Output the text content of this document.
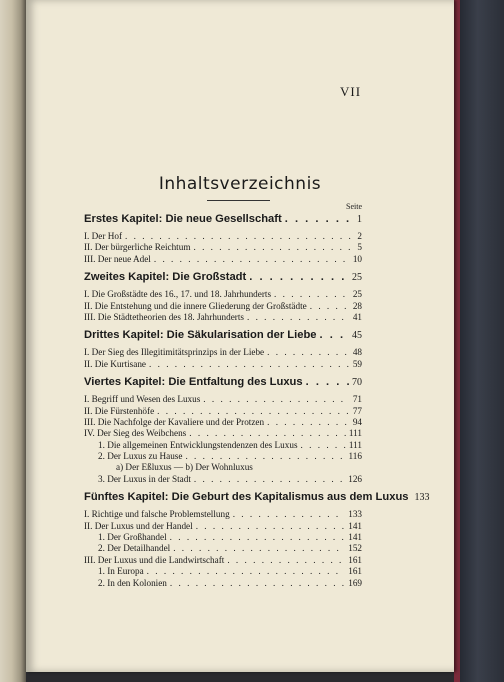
VII
Inhaltsverzeichnis
Seite
Erstes Kapitel: Die neue Gesellschaft . . .	1
I. Der Hof . . .	2
II. Der bürgerliche Reichtum . . .	5
III. Der neue Adel . . .	10
Zweites Kapitel: Die Großstadt . . .	25
I. Die Großstädte des 16., 17. und 18. Jahrhunderts . . .	25
II. Die Entstehung und die innere Gliederung der Großstädte . . .	28
III. Die Städtetheorien des 18. Jahrhunderts . . .	41
Drittes Kapitel: Die Säkularisation der Liebe . . .	45
I. Der Sieg des Illegitimitätsprinzips in der Liebe . . .	48
II. Die Kurtisane . . .	59
Viertes Kapitel: Die Entfaltung des Luxus . . .	70
I. Begriff und Wesen des Luxus . . .	71
II. Die Fürstenhöfe . . .	77
III. Die Nachfolge der Kavaliere und der Protzen . . .	94
IV. Der Sieg des Weibchens . . .	111
1. Die allgemeinen Entwicklungstendenzen des Luxus . . .	111
2. Der Luxus zu Hause . . .	116
a) Der Eßluxus — b) Der Wohnluxus
3. Der Luxus in der Stadt . . .	126
Fünftes Kapitel: Die Geburt des Kapitalismus aus dem Luxus 133
I. Richtige und falsche Problemstellung . . .	133
II. Der Luxus und der Handel . . .	141
1. Der Großhandel . . .	141
2. Der Detailhandel . . .	152
III. Der Luxus und die Landwirtschaft . . .	161
1. In Europa . . .	161
2. In den Kolonien . . .	169
